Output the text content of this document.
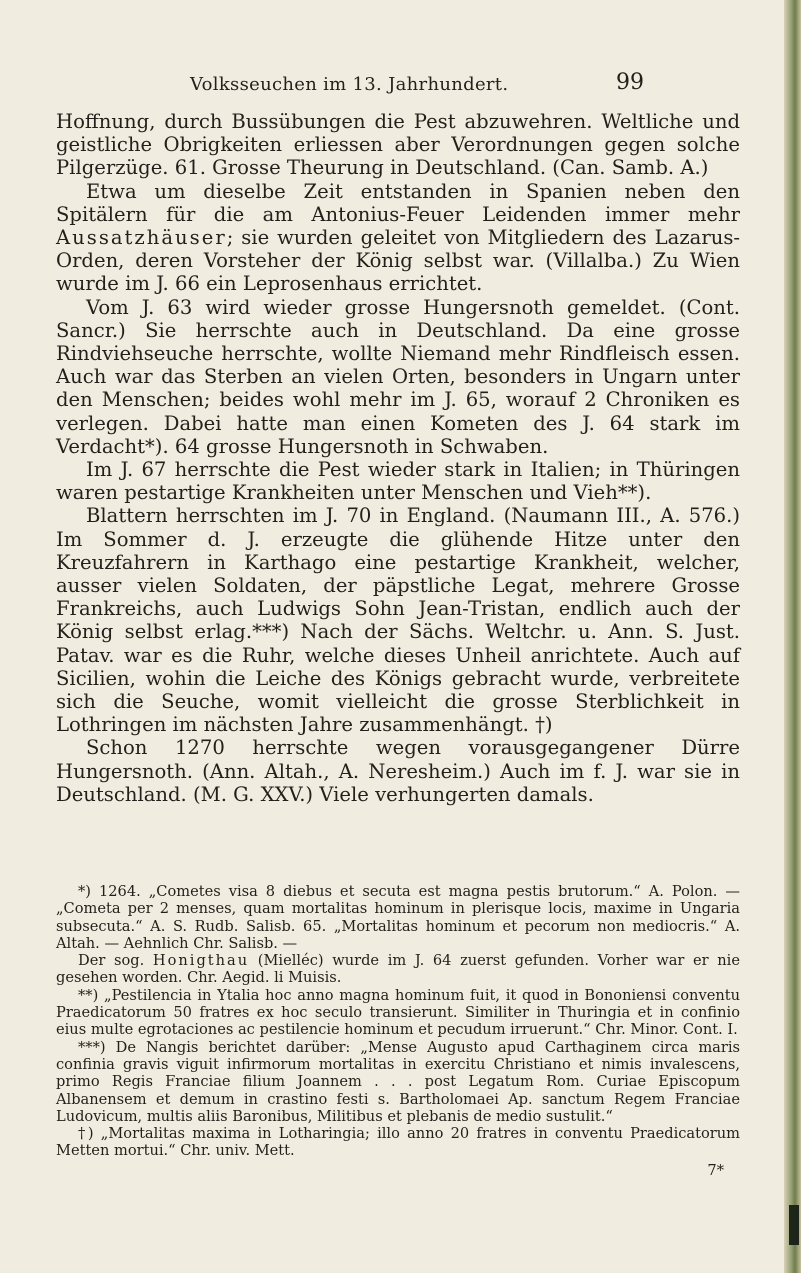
Volksseuchen im 13. Jahrhundert.	99

Hoffnung, durch Bussübungen die Pest abzuwehren. Weltliche und geistliche Obrigkeiten erliessen aber Verordnungen gegen solche Pilgerzüge. 61. Grosse Theurung in Deutschland. (Can. Samb. A.)

Etwa um dieselbe Zeit entstanden in Spanien neben den Spitälern für die am Antonius-Feuer Leidenden immer mehr Aussatzhäuser; sie wurden geleitet von Mitgliedern des Lazarus-Orden, deren Vorsteher der König selbst war. (Villalba.) Zu Wien wurde im J. 66 ein Leprosenhaus errichtet.

Vom J. 63 wird wieder grosse Hungersnoth gemeldet. (Cont. Sancr.) Sie herrschte auch in Deutschland. Da eine grosse Rindviehseuche herrschte, wollte Niemand mehr Rindfleisch essen. Auch war das Sterben an vielen Orten, besonders in Ungarn unter den Menschen; beides wohl mehr im J. 65, worauf 2 Chroniken es verlegen. Dabei hatte man einen Kometen des J. 64 stark im Verdacht*). 64 grosse Hungersnoth in Schwaben.

Im J. 67 herrschte die Pest wieder stark in Italien; in Thüringen waren pestartige Krankheiten unter Menschen und Vieh**).

Blattern herrschten im J. 70 in England. (Naumann III., A. 576.) Im Sommer d. J. erzeugte die glühende Hitze unter den Kreuzfahrern in Karthago eine pestartige Krankheit, welcher, ausser vielen Soldaten, der päpstliche Legat, mehrere Grosse Frankreichs, auch Ludwigs Sohn Jean-Tristan, endlich auch der König selbst erlag.***) Nach der Sächs. Weltchr. u. Ann. S. Just. Patav. war es die Ruhr, welche dieses Unheil anrichtete. Auch auf Sicilien, wohin die Leiche des Königs gebracht wurde, verbreitete sich die Seuche, womit vielleicht die grosse Sterblichkeit in Lothringen im nächsten Jahre zusammenhängt. †)

Schon 1270 herrschte wegen vorausgegangener Dürre Hungersnoth. (Ann. Altah., A. Neresheim.) Auch im f. J. war sie in Deutschland. (M. G. XXV.) Viele verhungerten damals.

*) 1264. „Cometes visa 8 diebus et secuta est magna pestis brutorum.“ A. Polon. — „Cometa per 2 menses, quam mortalitas hominum in plerisque locis, maxime in Ungaria subsecuta.“ A. S. Rudb. Salisb. 65. „Mortalitas hominum et pecorum non mediocris.“ A. Altah. — Aehnlich Chr. Salisb. —

Der sog. Honigthau (Mielléc) wurde im J. 64 zuerst gefunden. Vorher war er nie gesehen worden. Chr. Aegid. li Muisis.

**) „Pestilencia in Ytalia hoc anno magna hominum fuit, it quod in Bononiensi conventu Praedicatorum 50 fratres ex hoc seculo transierunt. Similiter in Thuringia et in confinio eius multe egrotaciones ac pestilencie hominum et pecudum irruerunt.“ Chr. Minor. Cont. I.

***) De Nangis berichtet darüber: „Mense Augusto apud Carthaginem circa maris confinia gravis viguit infirmorum mortalitas in exercitu Christiano et nimis invalescens, primo Regis Franciae filium Joannem . . . post Legatum Rom. Curiae Episcopum Albanensem et demum in crastino festi s. Bartholomaei Ap. sanctum Regem Franciae Ludovicum, multis aliis Baronibus, Militibus et plebanis de medio sustulit.“

†) „Mortalitas maxima in Lotharingia; illo anno 20 fratres in conventu Praedicatorum Metten mortui.“ Chr. univ. Mett.

7*
